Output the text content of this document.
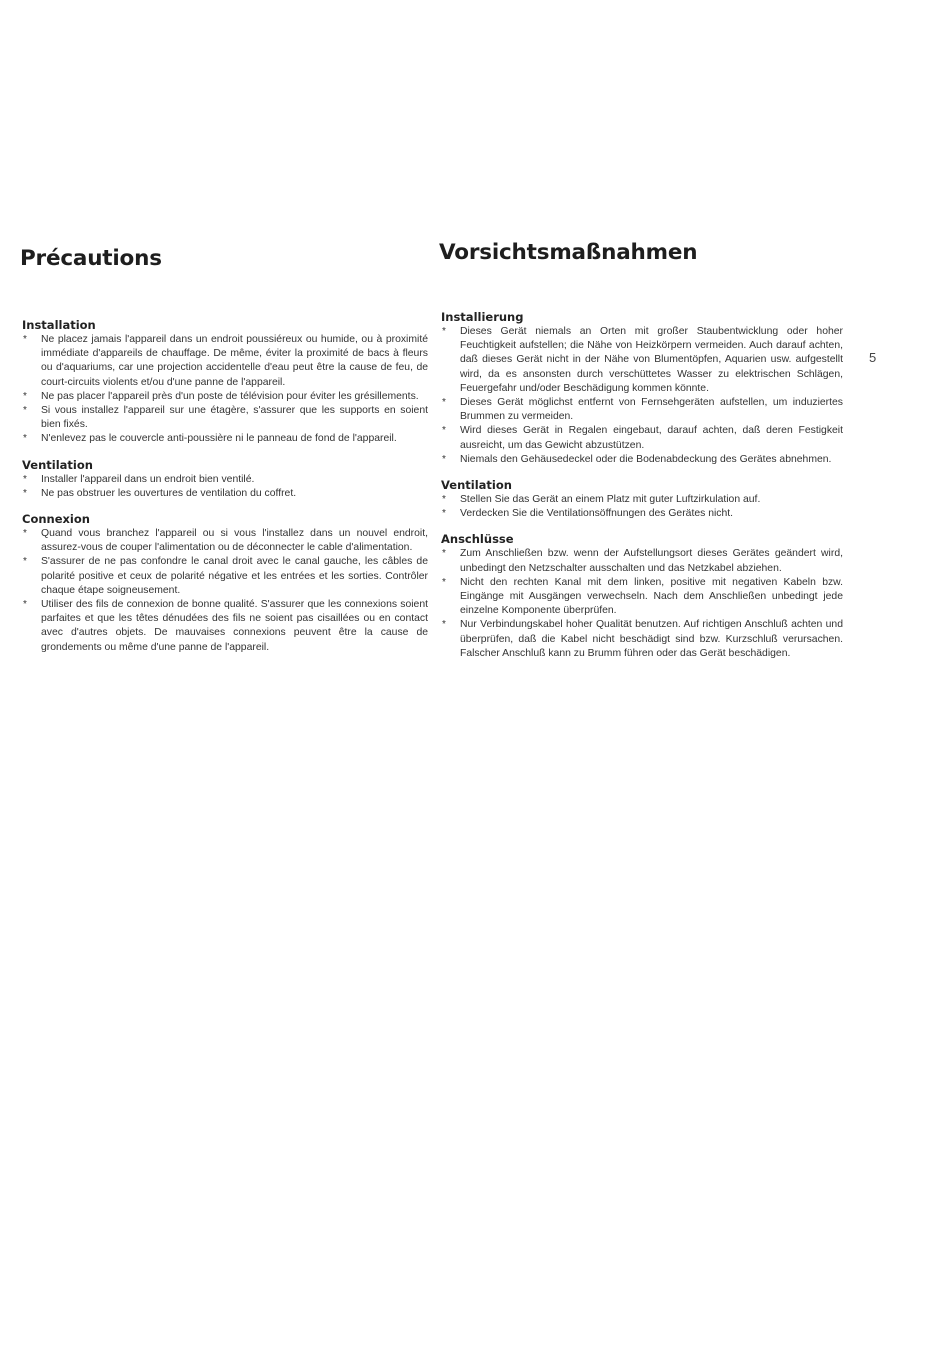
Précautions
Installation
* Ne placez jamais l'appareil dans un endroit poussiéreux ou humide, ou à proximité immédiate d'appareils de chauffage. De même, éviter la proximité de bacs à fleurs ou d'aquariums, car une projection accidentelle d'eau peut être la cause de feu, de court-circuits violents et/ou d'une panne de l'appareil.
* Ne pas placer l'appareil près d'un poste de télévision pour éviter les grésillements.
* Si vous installez l'appareil sur une étagère, s'assurer que les supports en soient bien fixés.
* N'enlevez pas le couvercle anti-poussière ni le panneau de fond de l'appareil.
Ventilation
* Installer l'appareil dans un endroit bien ventilé.
* Ne pas obstruer les ouvertures de ventilation du coffret.
Connexion
* Quand vous branchez l'appareil ou si vous l'installez dans un nouvel endroit, assurez-vous de couper l'alimentation ou de déconnecter le cable d'alimentation.
* S'assurer de ne pas confondre le canal droit avec le canal gauche, les câbles de polarité positive et ceux de polarité négative et les entrées et les sorties. Contrôler chaque étape soigneusement.
* Utiliser des fils de connexion de bonne qualité. S'assurer que les connexions soient parfaites et que les têtes dénudées des fils ne soient pas cisaillées ou en contact avec d'autres objets. De mauvaises connexions peuvent être la cause de grondements ou même d'une panne de l'appareil.
Vorsichtsmaßnahmen
Installierung
* Dieses Gerät niemals an Orten mit großer Staubentwicklung oder hoher Feuchtigkeit aufstellen; die Nähe von Heizkörpern vermeiden. Auch darauf achten, daß dieses Gerät nicht in der Nähe von Blumentöpfen, Aquarien usw. aufgestellt wird, da es ansonsten durch verschüttetes Wasser zu elektrischen Schlägen, Feuergefahr und/oder Beschädigung kommen könnte.
* Dieses Gerät möglichst entfernt von Fernsehgeräten aufstellen, um induziertes Brummen zu vermeiden.
* Wird dieses Gerät in Regalen eingebaut, darauf achten, daß deren Festigkeit ausreicht, um das Gewicht abzustützen.
* Niemals den Gehäusedeckel oder die Bodenabdeckung des Gerätes abnehmen.
Ventilation
* Stellen Sie das Gerät an einem Platz mit guter Luftzirkulation auf.
* Verdecken Sie die Ventilationsöffnungen des Gerätes nicht.
Anschlüsse
* Zum Anschließen bzw. wenn der Aufstellungsort dieses Gerätes geändert wird, unbedingt den Netzschalter ausschalten und das Netzkabel abziehen.
* Nicht den rechten Kanal mit dem linken, positive mit negativen Kabeln bzw. Eingänge mit Ausgängen verwechseln. Nach dem Anschließen unbedingt jede einzelne Komponente überprüfen.
* Nur Verbindungskabel hoher Qualität benutzen. Auf richtigen Anschluß achten und überprüfen, daß die Kabel nicht beschädigt sind bzw. Kurzschluß verursachen. Falscher Anschluß kann zu Brumm führen oder das Gerät beschädigen.
5
